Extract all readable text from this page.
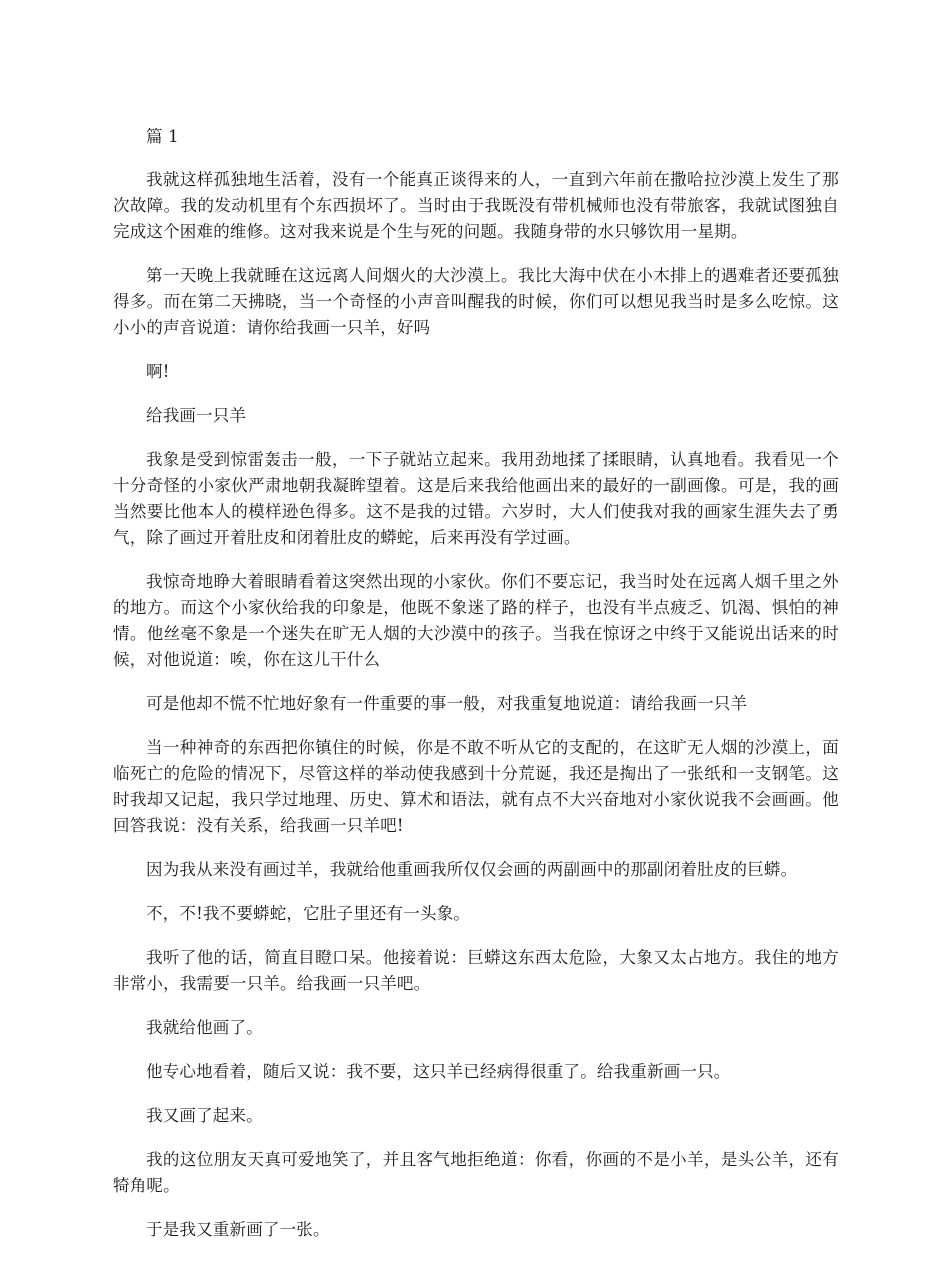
篇 1

我就这样孤独地生活着，没有一个能真正谈得来的人，一直到六年前在撒哈拉沙漠上发生了那次故障。我的发动机里有个东西损坏了。当时由于我既没有带机械师也没有带旅客，我就试图独自完成这个困难的维修。这对我来说是个生与死的问题。我随身带的水只够饮用一星期。

第一天晚上我就睡在这远离人间烟火的大沙漠上。我比大海中伏在小木排上的遇难者还要孤独得多。而在第二天拂晓，当一个奇怪的小声音叫醒我的时候，你们可以想见我当时是多么吃惊。这小小的声音说道：请你给我画一只羊，好吗

啊!

给我画一只羊

我象是受到惊雷轰击一般，一下子就站立起来。我用劲地揉了揉眼睛，认真地看。我看见一个十分奇怪的小家伙严肃地朝我凝眸望着。这是后来我给他画出来的最好的一副画像。可是，我的画当然要比他本人的模样逊色得多。这不是我的过错。六岁时，大人们使我对我的画家生涯失去了勇气，除了画过开着肚皮和闭着肚皮的蟒蛇，后来再没有学过画。

我惊奇地睁大着眼睛看着这突然出现的小家伙。你们不要忘记，我当时处在远离人烟千里之外的地方。而这个小家伙给我的印象是，他既不象迷了路的样子，也没有半点疲乏、饥渴、惧怕的神情。他丝毫不象是一个迷失在旷无人烟的大沙漠中的孩子。当我在惊讶之中终于又能说出话来的时候，对他说道：唉，你在这儿干什么

可是他却不慌不忙地好象有一件重要的事一般，对我重复地说道：请给我画一只羊

当一种神奇的东西把你镇住的时候，你是不敢不听从它的支配的，在这旷无人烟的沙漠上，面临死亡的危险的情况下，尽管这样的举动使我感到十分荒诞，我还是掏出了一张纸和一支钢笔。这时我却又记起，我只学过地理、历史、算术和语法，就有点不大兴奋地对小家伙说我不会画画。他回答我说：没有关系，给我画一只羊吧!

因为我从来没有画过羊，我就给他重画我所仅仅会画的两副画中的那副闭着肚皮的巨蟒。

不，不!我不要蟒蛇，它肚子里还有一头象。

我听了他的话，简直目瞪口呆。他接着说：巨蟒这东西太危险，大象又太占地方。我住的地方非常小，我需要一只羊。给我画一只羊吧。

我就给他画了。

他专心地看着，随后又说：我不要，这只羊已经病得很重了。给我重新画一只。

我又画了起来。

我的这位朋友天真可爱地笑了，并且客气地拒绝道：你看，你画的不是小羊，是头公羊，还有犄角呢。

于是我又重新画了一张。
